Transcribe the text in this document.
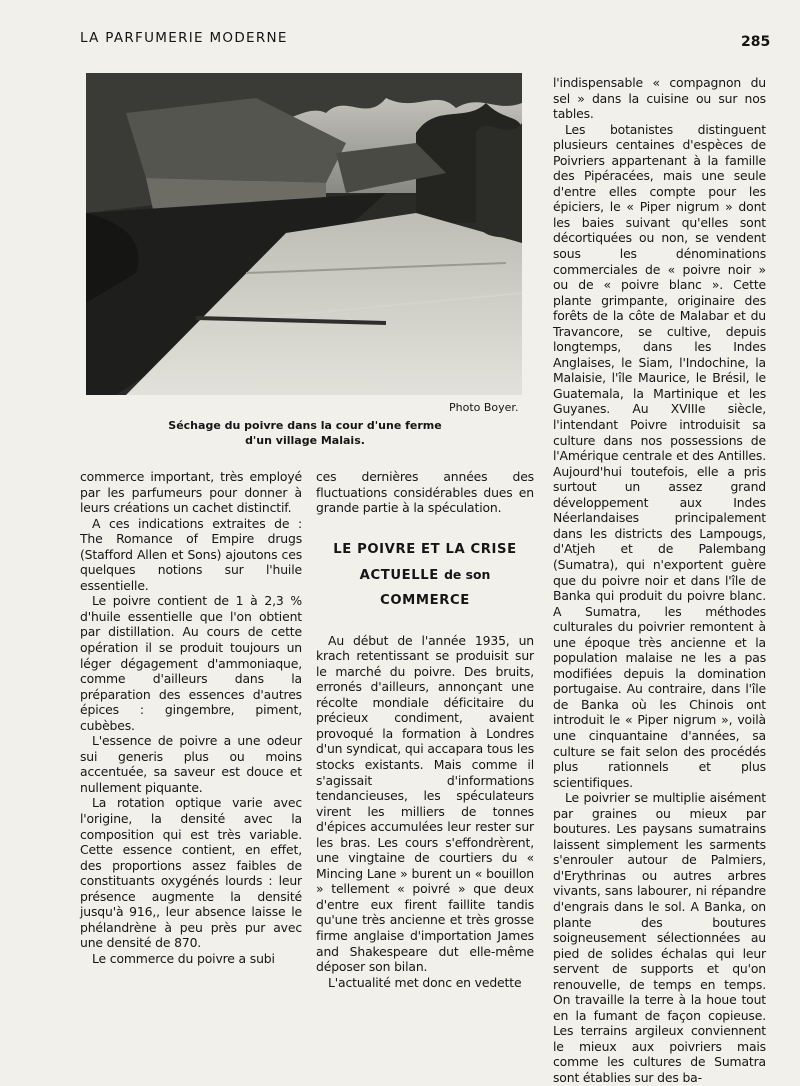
LA PARFUMERIE MODERNE	285
Photo Boyer.
Séchage du poivre dans la cour d'une ferme
d'un village Malais.

commerce important, très employé par les parfumeurs pour donner à leurs créations un cachet distinctif.

A ces indications extraites de : The Romance of Empire drugs (Stafford Allen et Sons) ajoutons ces quelques notions sur l'huile essentielle.

Le poivre contient de 1 à 2,3 % d'huile essentielle que l'on obtient par distillation. Au cours de cette opération il se produit toujours un léger dégagement d'ammoniaque, comme d'ailleurs dans la préparation des essences d'autres épices : gingembre, piment, cubèbes.

L'essence de poivre a une odeur sui generis plus ou moins accentuée, sa saveur est douce et nullement piquante.

La rotation optique varie avec l'origine, la densité avec la composition qui est très variable. Cette essence contient, en effet, des proportions assez faibles de constituants oxygénés lourds : leur présence augmente la densité jusqu'à 916,, leur absence laisse le phélandrène à peu près pur avec une densité de 870.

Le commerce du poivre a subi

ces dernières années des fluctuations considérables dues en grande partie à la spéculation.

LE POIVRE ET LA CRISE
ACTUELLE de son COMMERCE

Au début de l'année 1935, un krach retentissant se produisit sur le marché du poivre. Des bruits, erronés d'ailleurs, annonçant une récolte mondiale déficitaire du précieux condiment, avaient provoqué la formation à Londres d'un syndicat, qui accapara tous les stocks existants. Mais comme il s'agissait d'informations tendancieuses, les spéculateurs virent les milliers de tonnes d'épices accumulées leur rester sur les bras. Les cours s'effondrèrent, une vingtaine de courtiers du « Mincing Lane » burent un « bouillon » tellement « poivré » que deux d'entre eux firent faillite tandis qu'une très ancienne et très grosse firme anglaise d'importation James and Shakespeare dut elle-même déposer son bilan.

L'actualité met donc en vedette

l'indispensable « compagnon du sel » dans la cuisine ou sur nos tables.

Les botanistes distinguent plusieurs centaines d'espèces de Poivriers appartenant à la famille des Pipéracées, mais une seule d'entre elles compte pour les épiciers, le « Piper nigrum » dont les baies suivant qu'elles sont décortiquées ou non, se vendent sous les dénominations commerciales de « poivre noir » ou de « poivre blanc ». Cette plante grimpante, originaire des forêts de la côte de Malabar et du Travancore, se cultive, depuis longtemps, dans les Indes Anglaises, le Siam, l'Indochine, la Malaisie, l'île Maurice, le Brésil, le Guatemala, la Martinique et les Guyanes. Au XVIIIe siècle, l'intendant Poivre introduisit sa culture dans nos possessions de l'Amérique centrale et des Antilles. Aujourd'hui toutefois, elle a pris surtout un assez grand développement aux Indes Néerlandaises principalement dans les districts des Lampougs, d'Atjeh et de Palembang (Sumatra), qui n'exportent guère que du poivre noir et dans l'île de Banka qui produit du poivre blanc. A Sumatra, les méthodes culturales du poivrier remontent à une époque très ancienne et la population malaise ne les a pas modifiées depuis la domination portugaise. Au contraire, dans l'île de Banka où les Chinois ont introduit le « Piper nigrum », voilà une cinquantaine d'années, sa culture se fait selon des procédés plus rationnels et plus scientifiques.

Le poivrier se multiplie aisément par graines ou mieux par boutures. Les paysans sumatrains laissent simplement les sarments s'enrouler autour de Palmiers, d'Erythrinas ou autres arbres vivants, sans labourer, ni répandre d'engrais dans le sol. A Banka, on plante des boutures soigneusement sélectionnées au pied de solides échalas qui leur servent de supports et qu'on renouvelle, de temps en temps. On travaille la terre à la houe tout en la fumant de façon copieuse. Les terrains argileux conviennent le mieux aux poivriers mais comme les cultures de Sumatra sont établies sur des ba-
